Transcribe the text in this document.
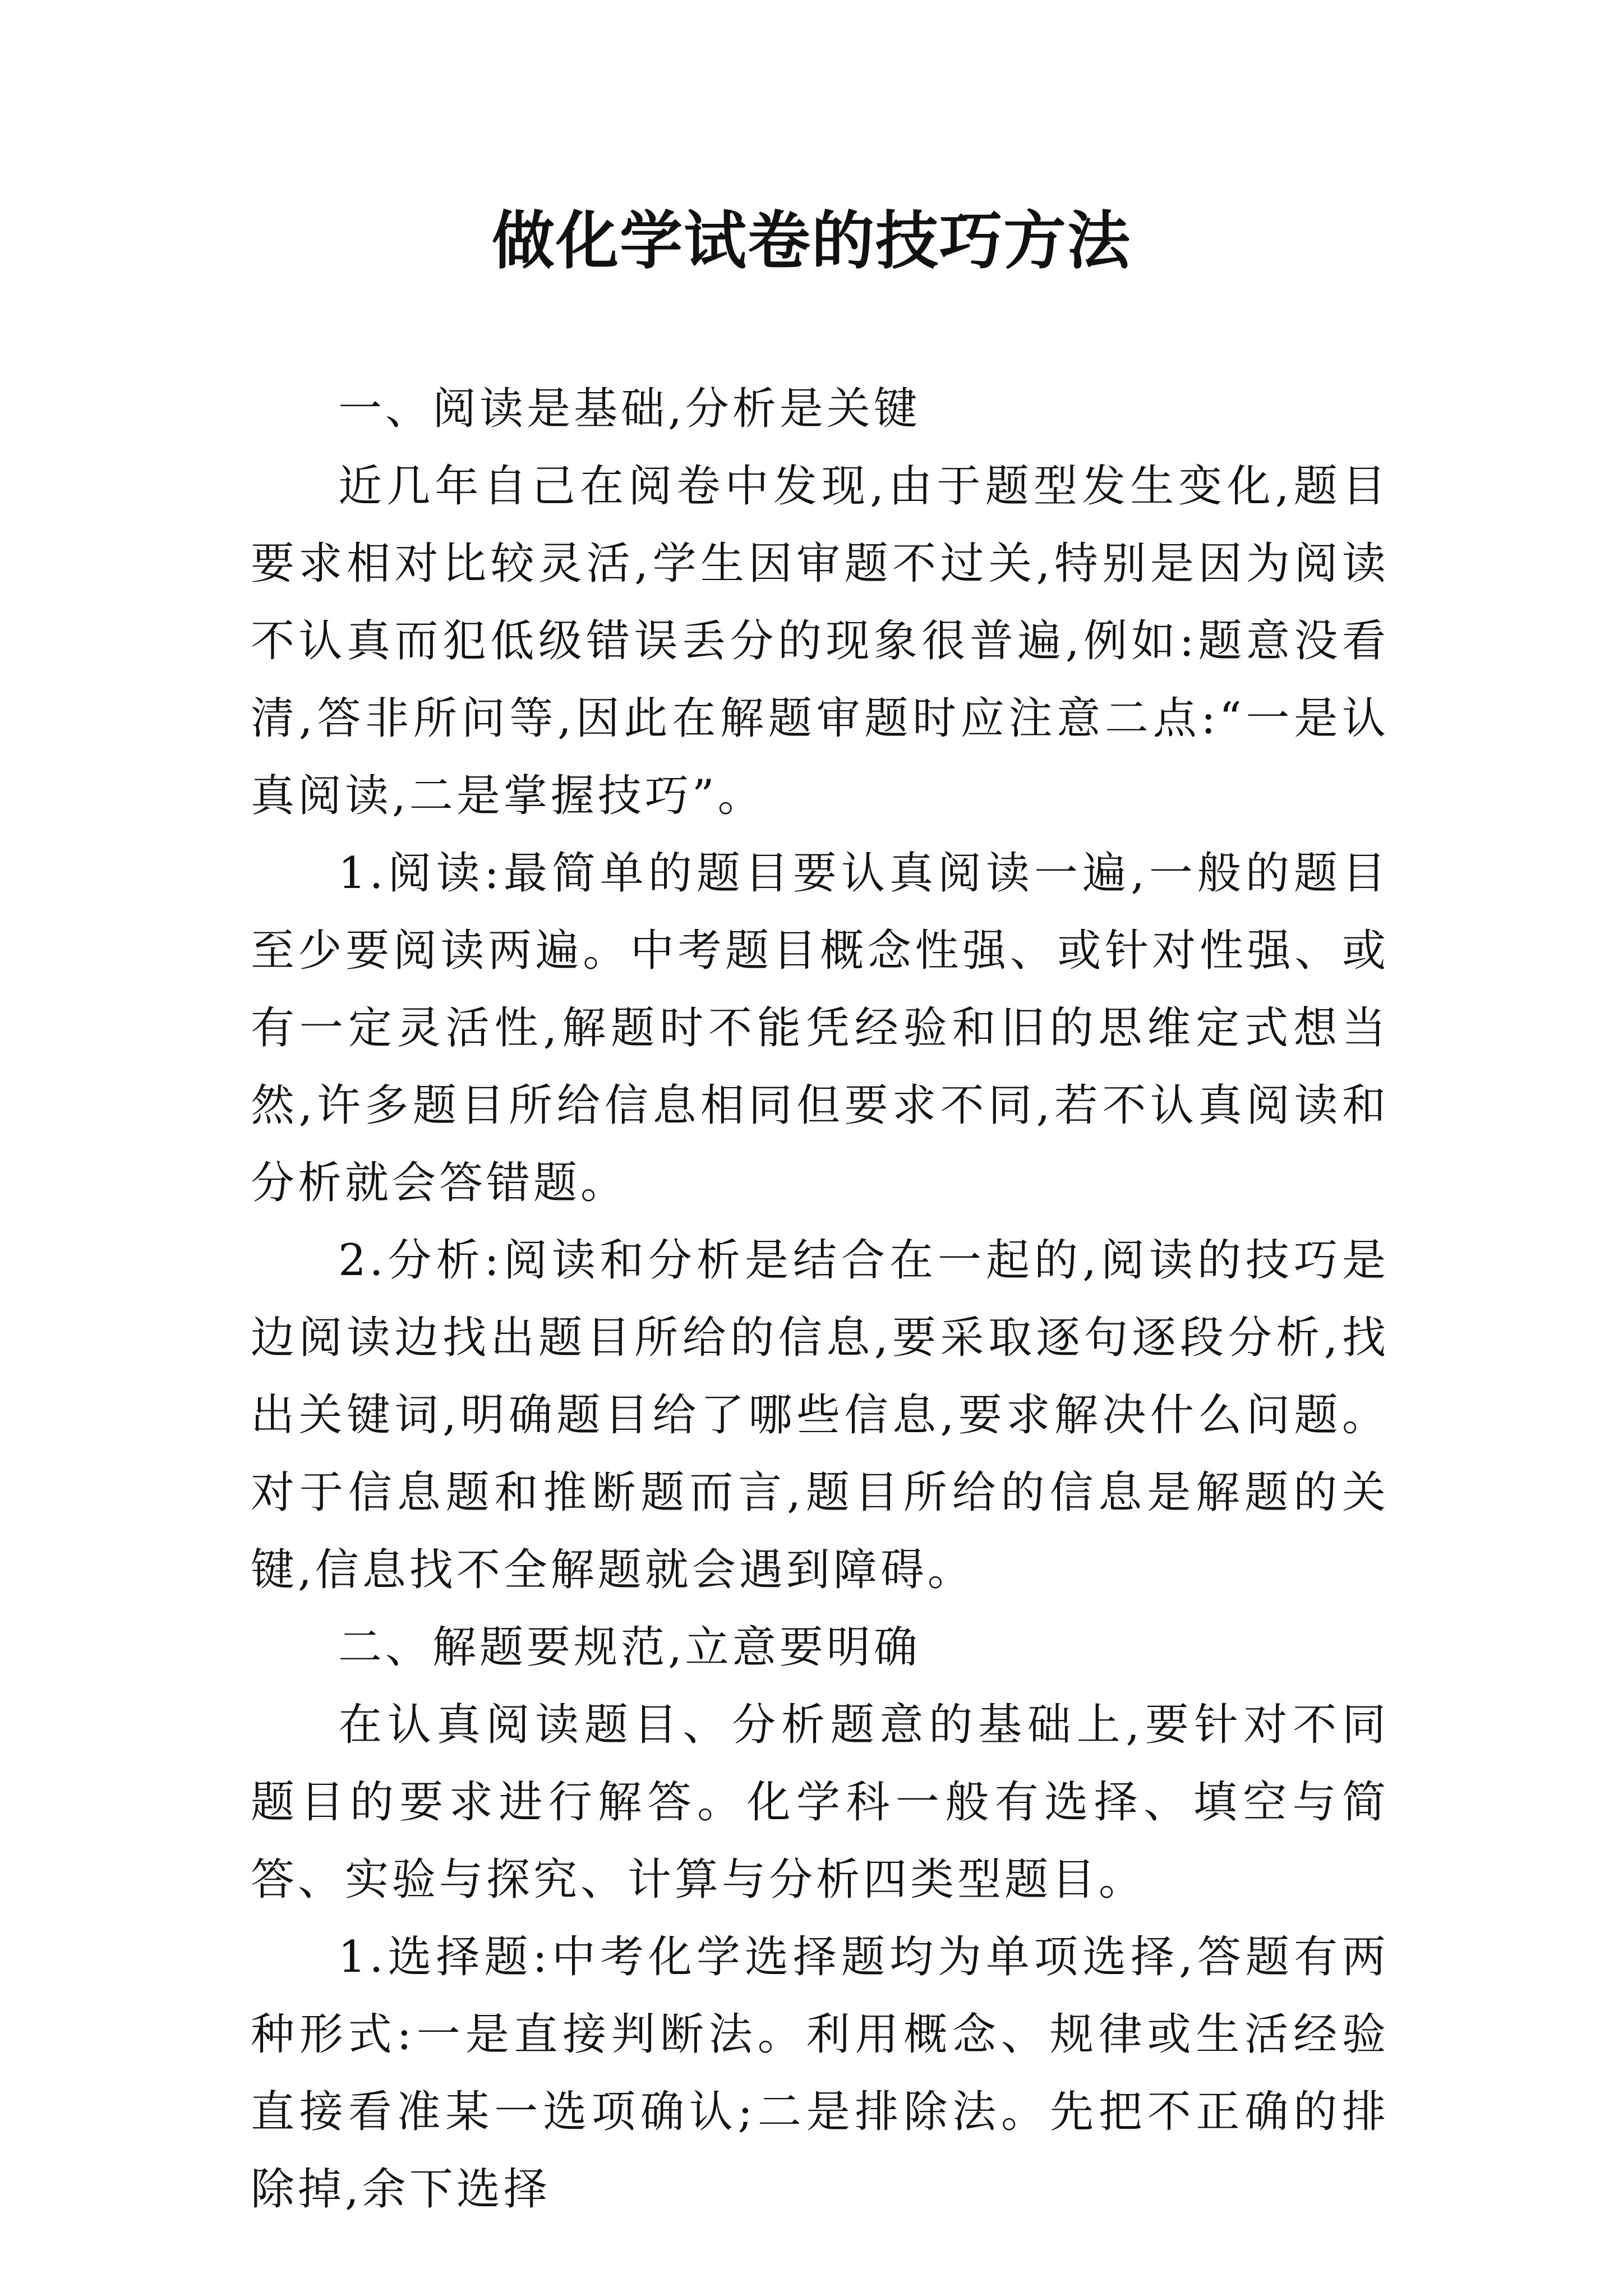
做化学试卷的技巧方法

一、阅读是基础,分析是关键

近几年自己在阅卷中发现,由于题型发生变化,题目要求相对比较灵活,学生因审题不过关,特别是因为阅读不认真而犯低级错误丢分的现象很普遍,例如:题意没看清,答非所问等,因此在解题审题时应注意二点:“一是认真阅读,二是掌握技巧”。

1.阅读:最简单的题目要认真阅读一遍,一般的题目至少要阅读两遍。中考题目概念性强、或针对性强、或有一定灵活性,解题时不能凭经验和旧的思维定式想当然,许多题目所给信息相同但要求不同,若不认真阅读和分析就会答错题。

2.分析:阅读和分析是结合在一起的,阅读的技巧是边阅读边找出题目所给的信息,要采取逐句逐段分析,找出关键词,明确题目给了哪些信息,要求解决什么问题。对于信息题和推断题而言,题目所给的信息是解题的关键,信息找不全解题就会遇到障碍。

二、解题要规范,立意要明确

在认真阅读题目、分析题意的基础上,要针对不同题目的要求进行解答。化学科一般有选择、填空与简答、实验与探究、计算与分析四类型题目。

1.选择题:中考化学选择题均为单项选择,答题有两种形式:一是直接判断法。利用概念、规律或生活经验直接看准某一选项确认;二是排除法。先把不正确的排除掉,余下选择
